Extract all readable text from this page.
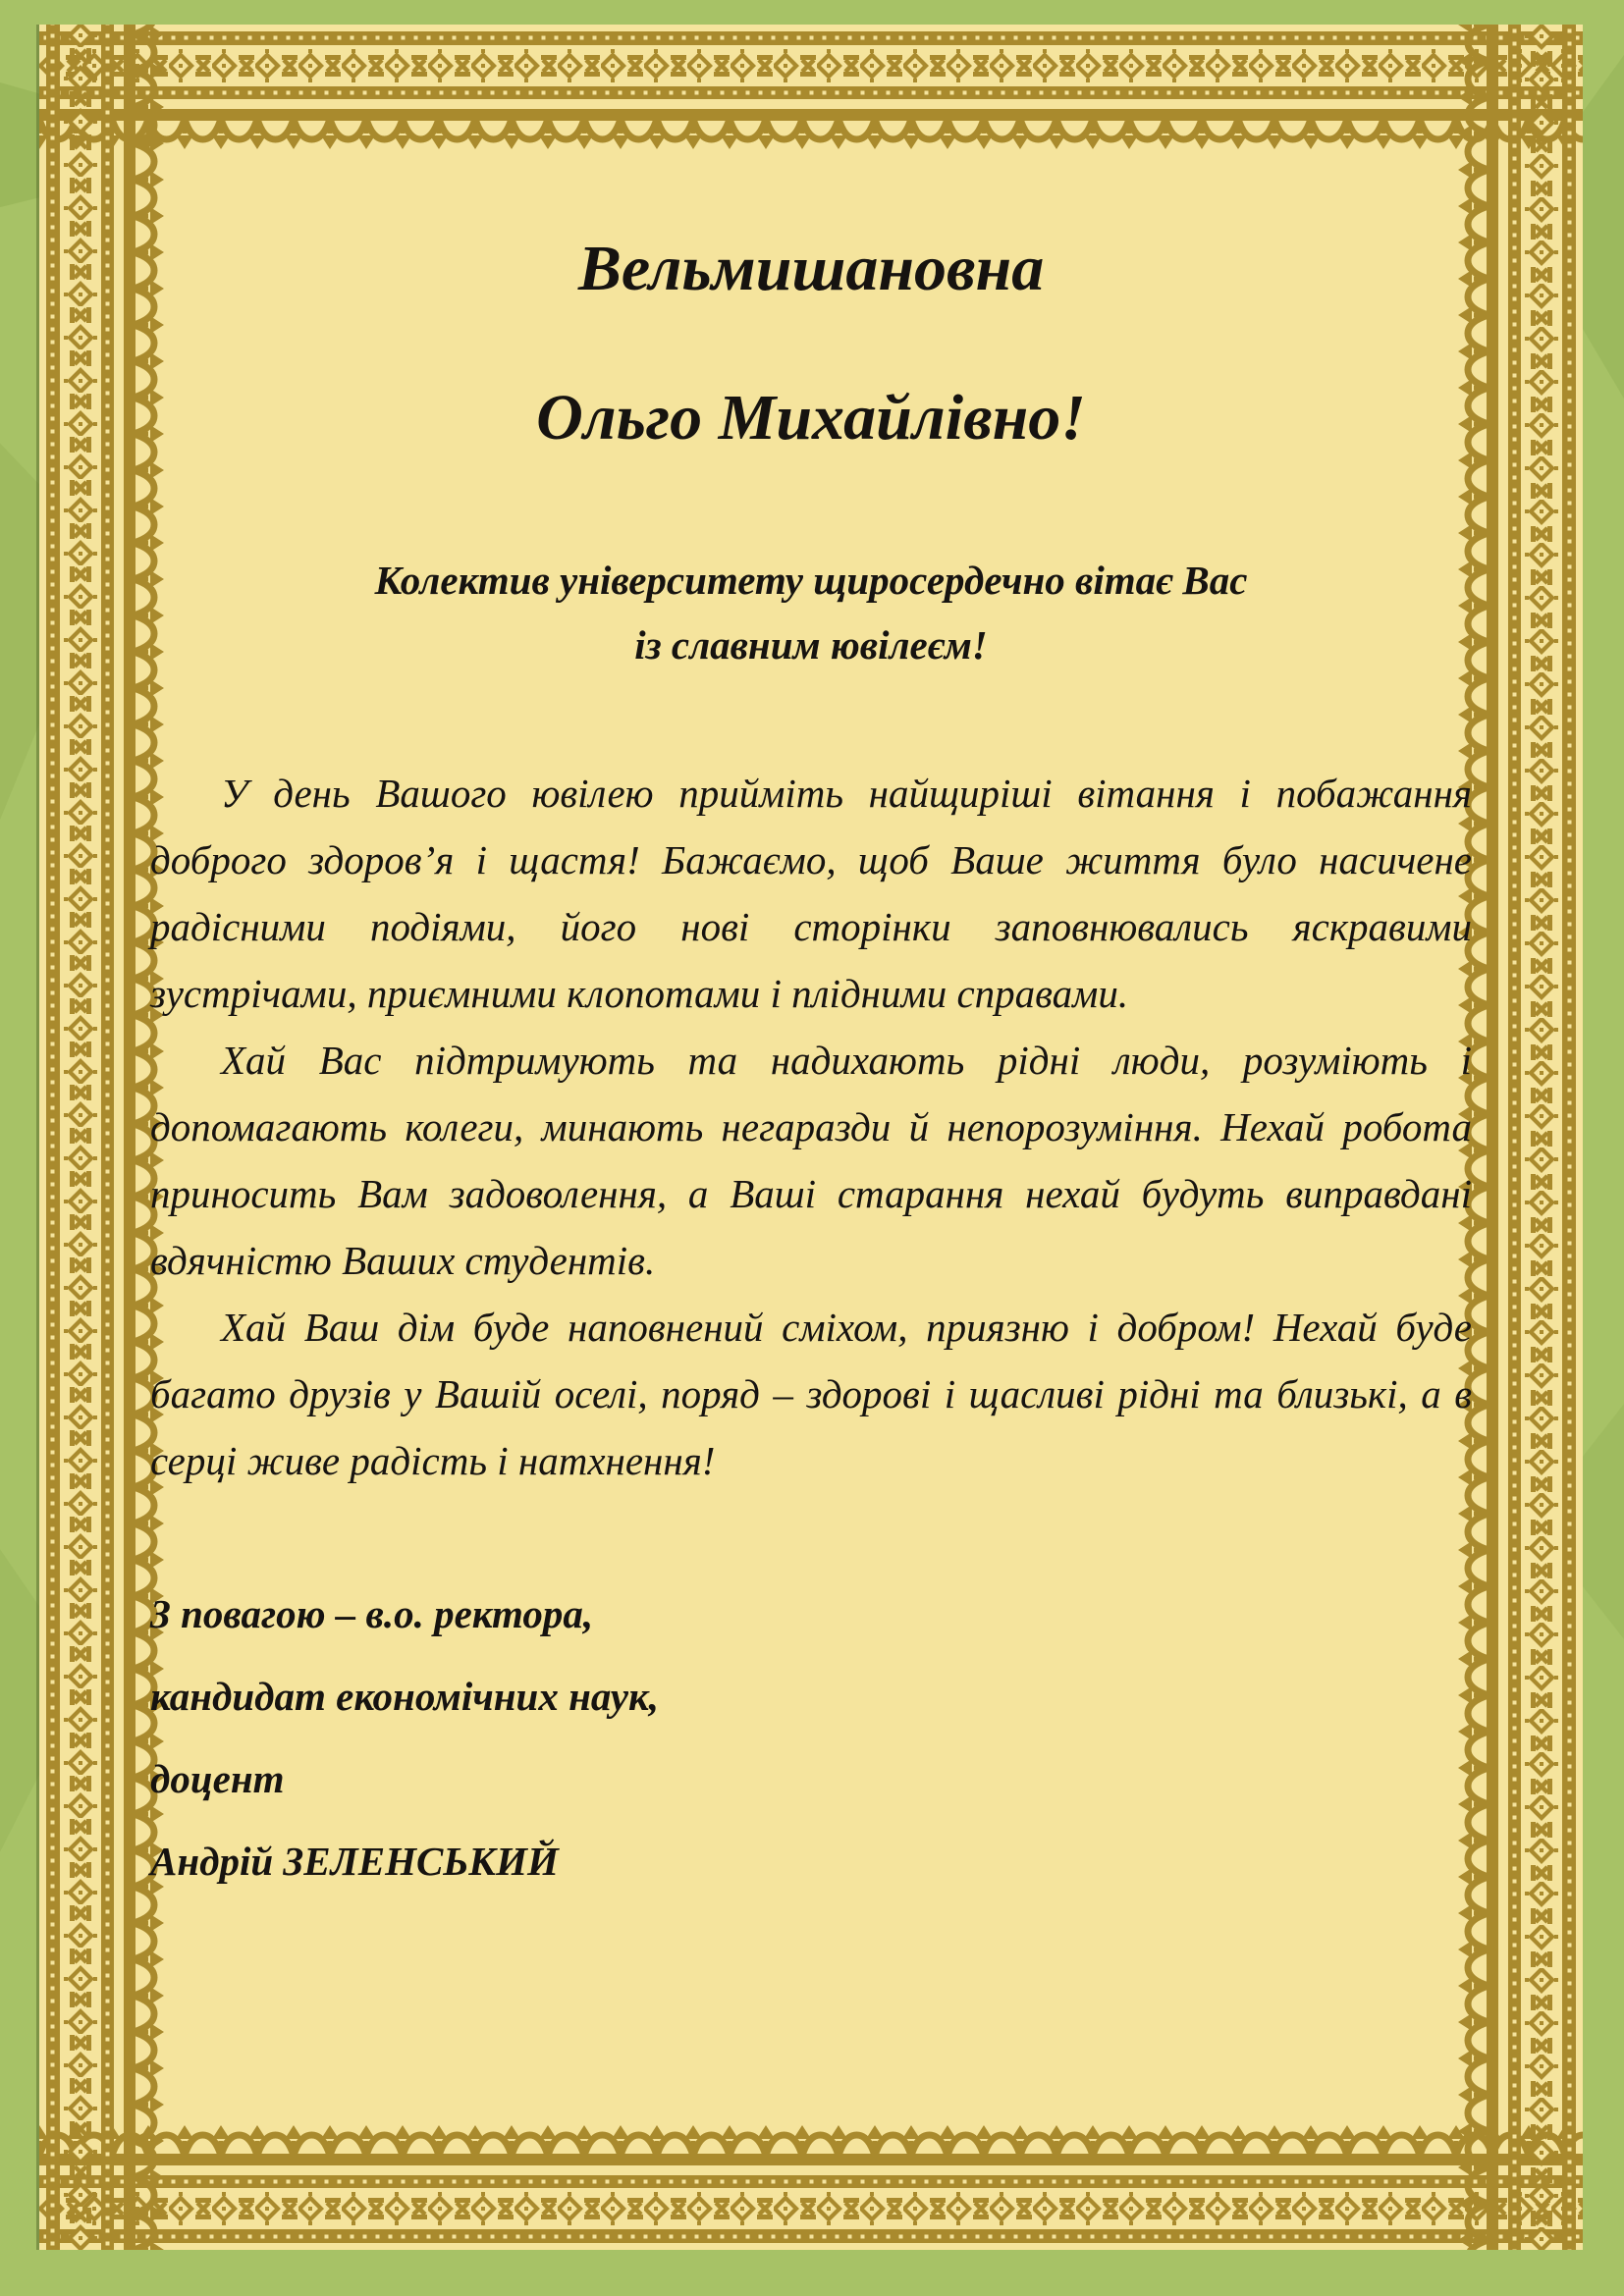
Вельмишановна
Ольго Михайлівно!
Колектив університету щиросердечно вітає Вас
із славним ювілеєм!

У день Вашого ювілею прийміть найщиріші вітання і побажання доброго здоров’я і щастя! Бажаємо, щоб Ваше життя було насичене радісними подіями, його нові сторінки заповнювались яскравими зустрічами, приємними клопотами і плідними справами.

Хай Вас підтримують та надихають рідні люди, розуміють і допомагають колеги, минають негаразди й непорозуміння. Нехай робота приносить Вам задоволення, а Ваші старання нехай будуть виправдані вдячністю Ваших студентів.

Хай Ваш дім буде наповнений сміхом, приязню і добром! Нехай буде багато друзів у Вашій оселі, поряд – здорові і щасливі рідні та близькі, а в серці живе радість і натхнення!

З повагою – в.о. ректора,
кандидат економічних наук,
доцент
Андрій ЗЕЛЕНСЬКИЙ
